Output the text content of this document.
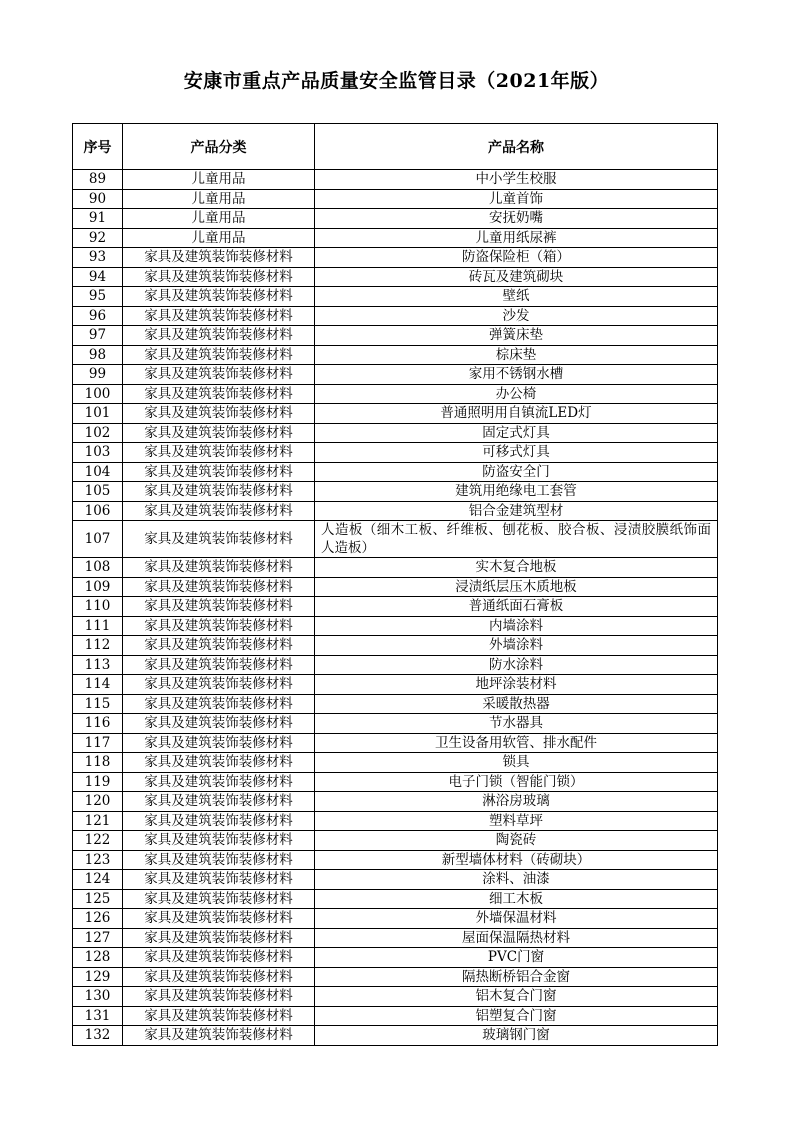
安康市重点产品质量安全监管目录（2021年版）
序号	产品分类	产品名称
89	儿童用品	中小学生校服
90	儿童用品	儿童首饰
91	儿童用品	安抚奶嘴
92	儿童用品	儿童用纸尿裤
93	家具及建筑装饰装修材料	防盗保险柜（箱）
94	家具及建筑装饰装修材料	砖瓦及建筑砌块
95	家具及建筑装饰装修材料	壁纸
96	家具及建筑装饰装修材料	沙发
97	家具及建筑装饰装修材料	弹簧床垫
98	家具及建筑装饰装修材料	棕床垫
99	家具及建筑装饰装修材料	家用不锈钢水槽
100	家具及建筑装饰装修材料	办公椅
101	家具及建筑装饰装修材料	普通照明用自镇流LED灯
102	家具及建筑装饰装修材料	固定式灯具
103	家具及建筑装饰装修材料	可移式灯具
104	家具及建筑装饰装修材料	防盗安全门
105	家具及建筑装饰装修材料	建筑用绝缘电工套管
106	家具及建筑装饰装修材料	铝合金建筑型材
107	家具及建筑装饰装修材料	人造板（细木工板、纤维板、刨花板、胶合板、浸渍胶膜纸饰面人造板）

108	家具及建筑装饰装修材料	实木复合地板
109	家具及建筑装饰装修材料	浸渍纸层压木质地板
110	家具及建筑装饰装修材料	普通纸面石膏板
111	家具及建筑装饰装修材料	内墙涂料
112	家具及建筑装饰装修材料	外墙涂料
113	家具及建筑装饰装修材料	防水涂料
114	家具及建筑装饰装修材料	地坪涂装材料
115	家具及建筑装饰装修材料	采暖散热器
116	家具及建筑装饰装修材料	节水器具
117	家具及建筑装饰装修材料	卫生设备用软管、排水配件
118	家具及建筑装饰装修材料	锁具
119	家具及建筑装饰装修材料	电子门锁（智能门锁）
120	家具及建筑装饰装修材料	淋浴房玻璃
121	家具及建筑装饰装修材料	塑料草坪
122	家具及建筑装饰装修材料	陶瓷砖
123	家具及建筑装饰装修材料	新型墙体材料（砖砌块）
124	家具及建筑装饰装修材料	涂料、油漆
125	家具及建筑装饰装修材料	细工木板
126	家具及建筑装饰装修材料	外墙保温材料
127	家具及建筑装饰装修材料	屋面保温隔热材料
128	家具及建筑装饰装修材料	PVC门窗
129	家具及建筑装饰装修材料	隔热断桥铝合金窗
130	家具及建筑装饰装修材料	铝木复合门窗
131	家具及建筑装饰装修材料	铝塑复合门窗
132	家具及建筑装饰装修材料	玻璃钢门窗
